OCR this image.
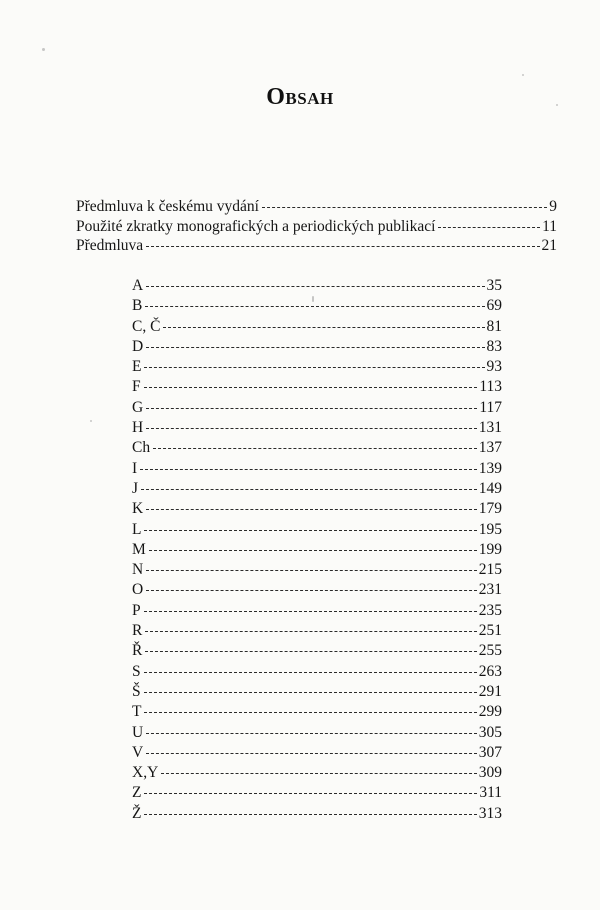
Obsah
Předmluva k českému vydání	9
Použité zkratky monografických a periodických publikací	11
Předmluva	21
A	35
B	69
C, Č	81
D	83
E	93
F	113
G	117
H	131
Ch	137
I	139
J	149
K	179
L	195
M	199
N	215
O	231
P	235
R	251
Ř	255
S	263
Š	291
T	299
U	305
V	307
X,Y	309
Z	311
Ž	313
